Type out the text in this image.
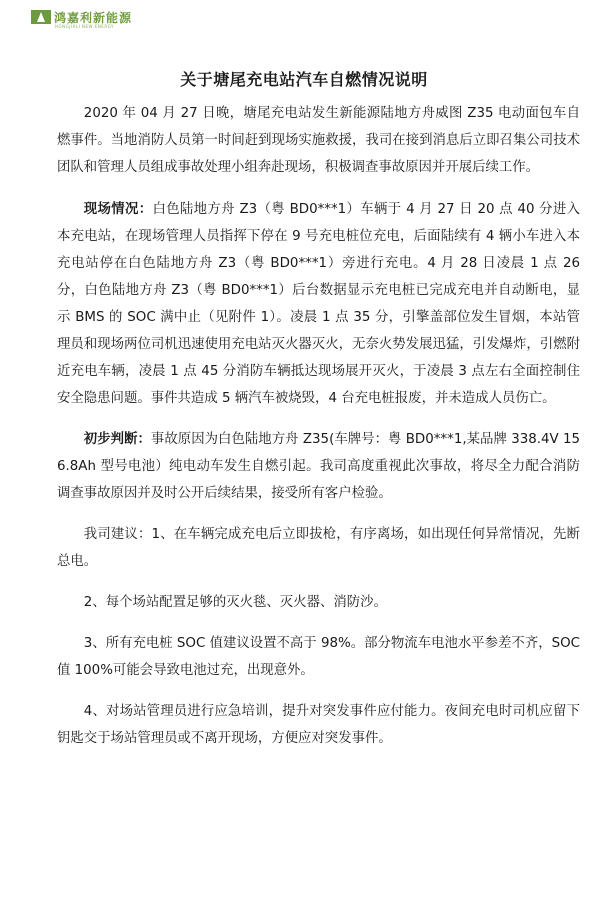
鸿嘉利新能源
HONGJIALI NEW ENERGY
关于塘尾充电站汽车自燃情况说明

2020 年 04 月 27 日晚，塘尾充电站发生新能源陆地方舟威图 Z35 电动面包车自燃事件。当地消防人员第一时间赶到现场实施救援，我司在接到消息后立即召集公司技术团队和管理人员组成事故处理小组奔赴现场，积极调查事故原因并开展后续工作。

现场情况：白色陆地方舟 Z3（粤 BD0***1）车辆于 4 月 27 日 20 点 40 分进入本充电站，在现场管理人员指挥下停在 9 号充电桩位充电，后面陆续有 4 辆小车进入本充电站停在白色陆地方舟 Z3（粤 BD0***1）旁进行充电。4 月 28 日凌晨 1 点 26 分，白色陆地方舟 Z3（粤 BD0***1）后台数据显示充电桩已完成充电并自动断电，显示 BMS 的 SOC 满中止（见附件 1）。凌晨 1 点 35 分，引擎盖部位发生冒烟，本站管理员和现场两位司机迅速使用充电站灭火器灭火，无奈火势发展迅猛，引发爆炸，引燃附近充电车辆，凌晨 1 点 45 分消防车辆抵达现场展开灭火，于凌晨 3 点左右全面控制住安全隐患问题。事件共造成 5 辆汽车被烧毁，4 台充电桩报废，并未造成人员伤亡。

初步判断：事故原因为白色陆地方舟 Z35(车牌号：粤 BD0***1,某品牌 338.4V 156.8Ah 型号电池）纯电动车发生自燃引起。我司高度重视此次事故，将尽全力配合消防调查事故原因并及时公开后续结果，接受所有客户检验。

我司建议：1、在车辆完成充电后立即拔枪，有序离场，如出现任何异常情况，先断总电。

2、每个场站配置足够的灭火毯、灭火器、消防沙。

3、所有充电桩 SOC 值建议设置不高于 98%。部分物流车电池水平参差不齐，SOC 值 100%可能会导致电池过充，出现意外。

4、对场站管理员进行应急培训，提升对突发事件应付能力。夜间充电时司机应留下钥匙交于场站管理员或不离开现场，方便应对突发事件。
